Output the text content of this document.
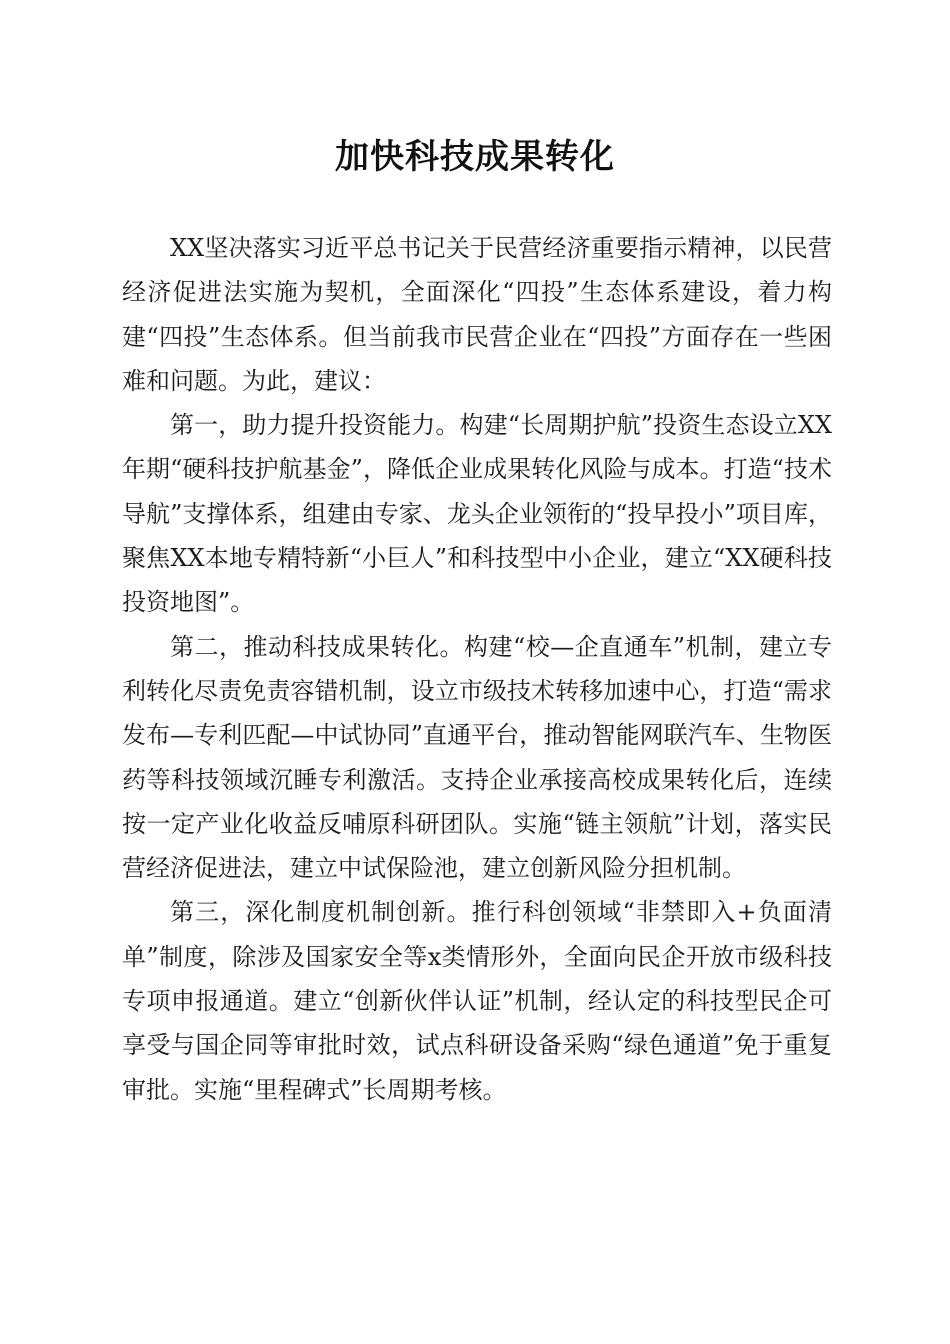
加快科技成果转化

XX坚决落实习近平总书记关于民营经济重要指示精神，以民营经济促进法实施为契机，全面深化“四投”生态体系建设，着力构建“四投”生态体系。但当前我市民营企业在“四投”方面存在一些困难和问题。为此，建议：

第一，助力提升投资能力。构建“长周期护航”投资生态设立XX年期“硬科技护航基金”，降低企业成果转化风险与成本。打造“技术导航”支撑体系，组建由专家、龙头企业领衔的“投早投小”项目库，聚焦XX本地专精特新“小巨人”和科技型中小企业，建立“XX硬科技投资地图”。

第二，推动科技成果转化。构建“校—企直通车”机制，建立专利转化尽责免责容错机制，设立市级技术转移加速中心，打造“需求发布—专利匹配—中试协同”直通平台，推动智能网联汽车、生物医药等科技领域沉睡专利激活。支持企业承接高校成果转化后，连续按一定产业化收益反哺原科研团队。实施“链主领航”计划，落实民营经济促进法，建立中试保险池，建立创新风险分担机制。

第三，深化制度机制创新。推行科创领域“非禁即入+负面清单”制度，除涉及国家安全等x类情形外，全面向民企开放市级科技专项申报通道。建立“创新伙伴认证”机制，经认定的科技型民企可享受与国企同等审批时效，试点科研设备采购“绿色通道”免于重复审批。实施“里程碑式”长周期考核。
